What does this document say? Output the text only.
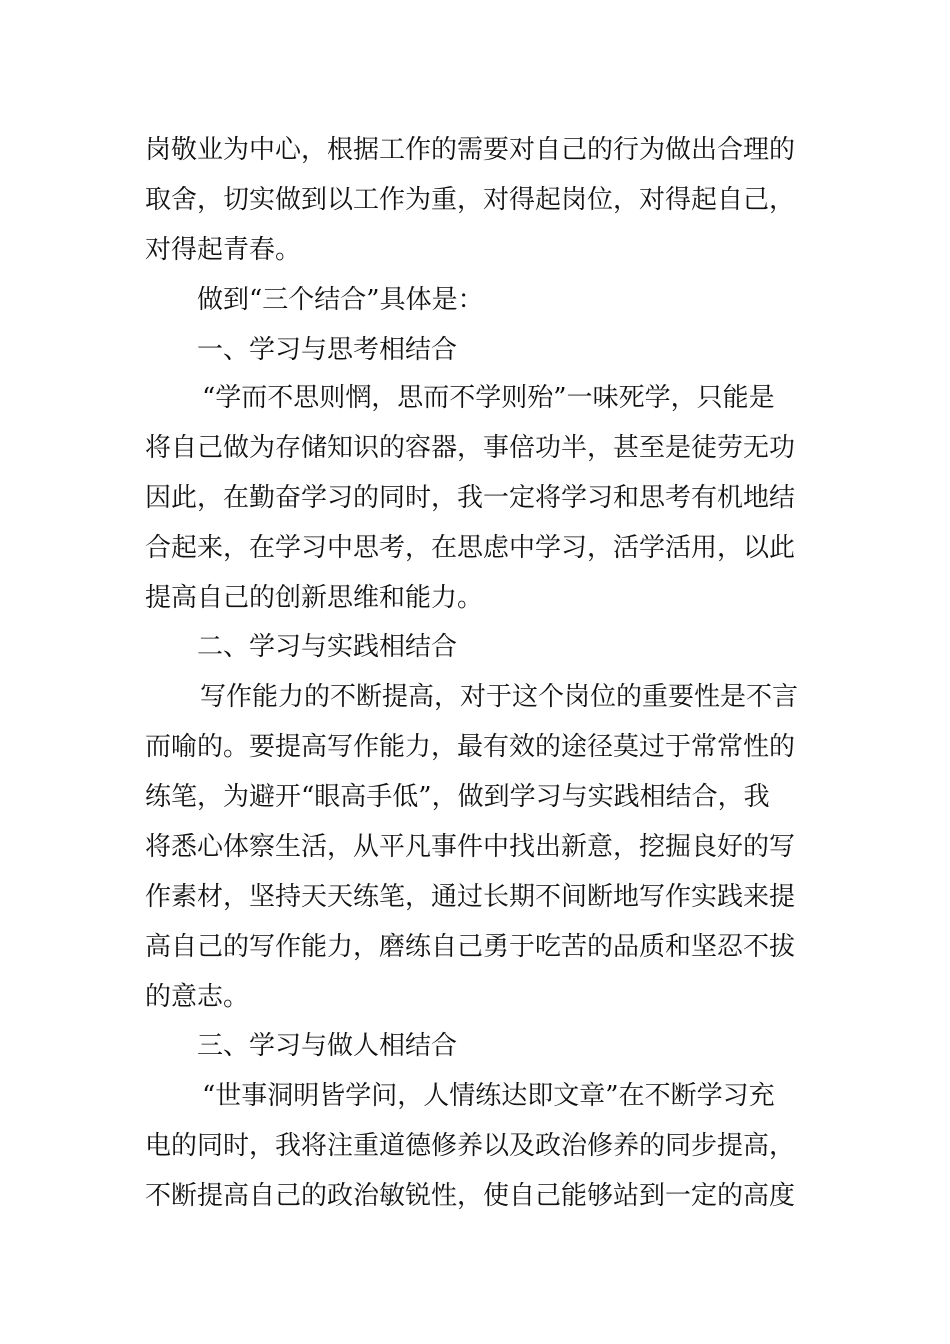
岗敬业为中心，根据工作的需要对自己的行为做出合理的
取舍，切实做到以工作为重，对得起岗位，对得起自己，
对得起青春。
做到“三个结合”具体是：
一、学习与思考相结合
“学而不思则惘，思而不学则殆”一味死学，只能是
将自己做为存储知识的容器，事倍功半，甚至是徒劳无功
因此，在勤奋学习的同时，我一定将学习和思考有机地结
合起来，在学习中思考，在思虑中学习，活学活用，以此
提高自己的创新思维和能力。
二、学习与实践相结合
写作能力的不断提高，对于这个岗位的重要性是不言
而喻的。要提高写作能力，最有效的途径莫过于常常性的
练笔，为避开“眼高手低”，做到学习与实践相结合，我
将悉心体察生活，从平凡事件中找出新意，挖掘良好的写
作素材，坚持天天练笔，通过长期不间断地写作实践来提
高自己的写作能力，磨练自己勇于吃苦的品质和坚忍不拔
的意志。
三、学习与做人相结合
“世事洞明皆学问，人情练达即文章”在不断学习充
电的同时，我将注重道德修养以及政治修养的同步提高，
不断提高自己的政治敏锐性，使自己能够站到一定的高度
